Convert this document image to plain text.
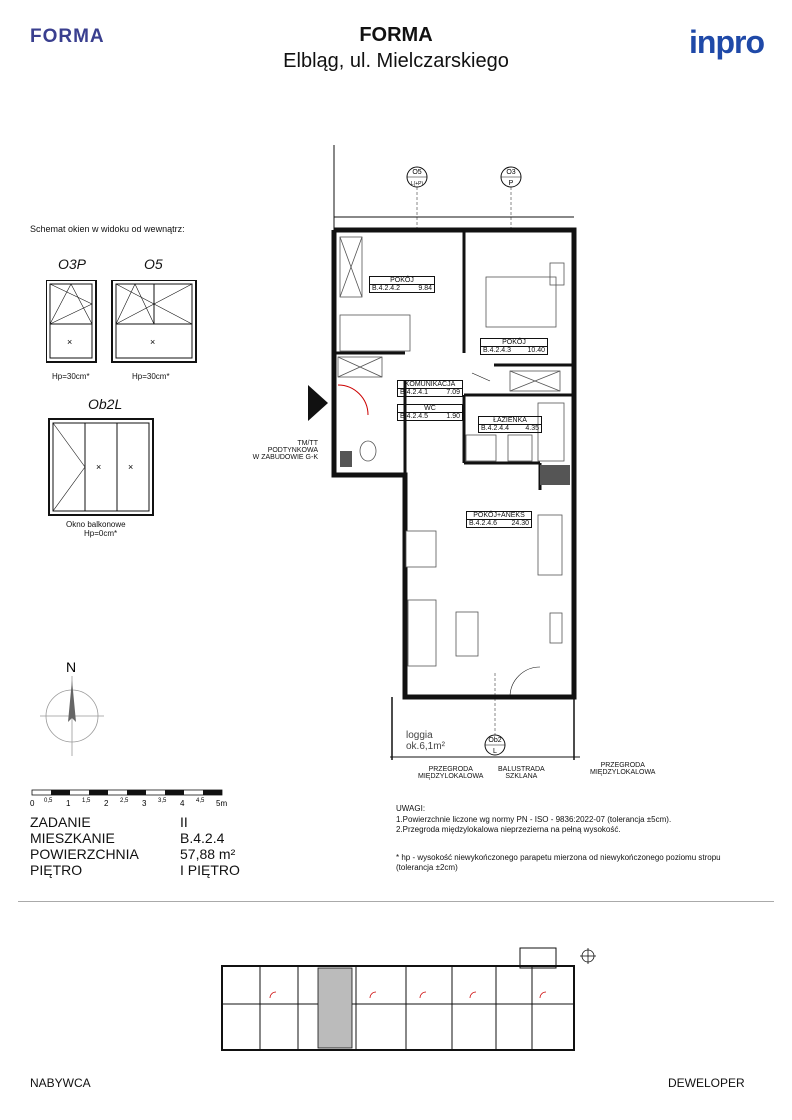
FORMA	FORMA
Elbląg, ul. Mielczarskiego
inpro
Schemat okien w widoku od wewnątrz:
O3P	O5
×	×
Hp=30cm*	Hp=30cm*
Ob2L
×	×
Okno balkonowe
Hp=0cm*
O5
L(+P)
O3
P
Ob2
L
loggia
ok.6,1m²
POKÓJ
B.4.2.4.2	9.84
POKÓJ
B.4.2.4.3 10.40
KOMUNIKACJA
B.4.2.4.1	7.09
WC
B.4.2.4.5	1.90
ŁAZIENKA
B.4.2.4.4 4.35
POKÓJ+ANEKS
B.4.2.4.6 24.30
TM/TT PODTYNKOWA
W ZABUDOWIE G-K
PRZEGRODA
MIĘDZYLOKALOWA
BALUSTRADA
SZKLANA
PRZEGRODA
MIĘDZYLOKALOWA
N
0	1	2	3	4	5m
0,5	1,5	2,5	3,5	4,5
ZADANIE	II
MIESZKANIE	B.4.2.4
POWIERZCHNIA	57,88 m²
PIĘTRO	I PIĘTRO
UWAGI:
1.Powierzchnie liczone wg normy PN - ISO - 9836:2022-07 (tolerancja ±5cm).
2.Przegroda międzylokalowa nieprzezierna na pełną wysokość.
* hp - wysokość niewykończonego parapetu mierzona od niewykończonego poziomu stropu
(tolerancja ±2cm)
NABYWCA	DEWELOPER
